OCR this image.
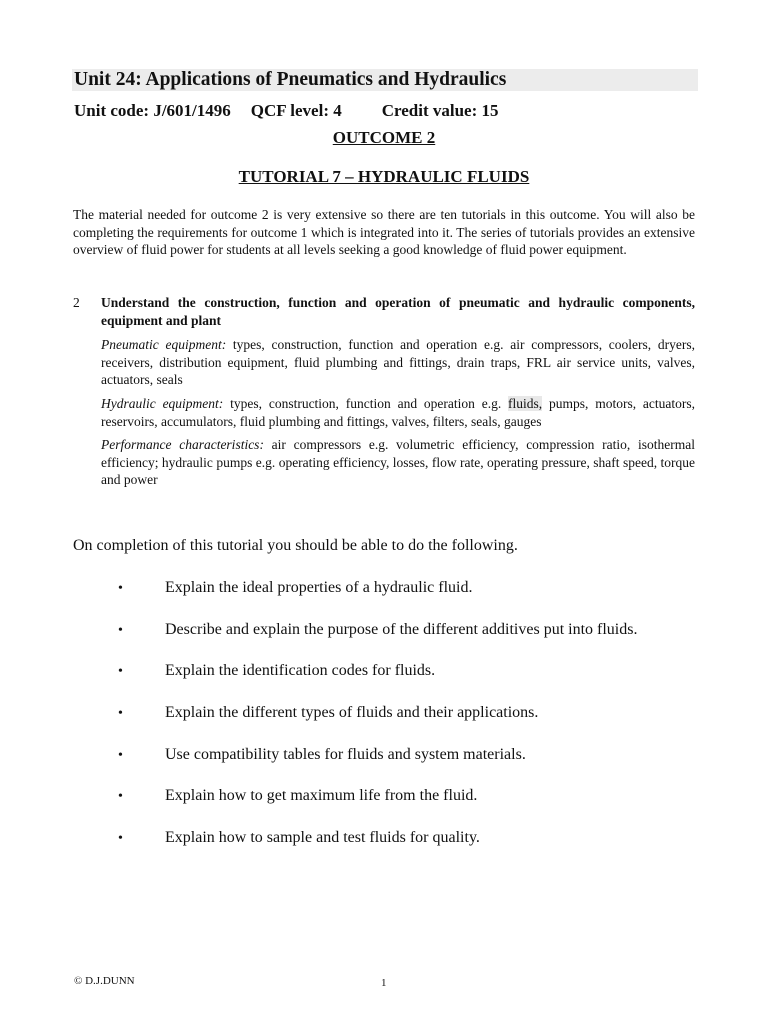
Unit 24: Applications of Pneumatics and Hydraulics
Unit code: J/601/1496 QCF level: 4 Credit value: 15
OUTCOME 2
TUTORIAL 7 – HYDRAULIC FLUIDS
The material needed for outcome 2 is very extensive so there are ten tutorials in this outcome. You will also be completing the requirements for outcome 1 which is integrated into it. The series of tutorials provides an extensive overview of fluid power for students at all levels seeking a good knowledge of fluid power equipment.
2 Understand the construction, function and operation of pneumatic and hydraulic components, equipment and plant

Pneumatic equipment: types, construction, function and operation e.g. air compressors, coolers, dryers, receivers, distribution equipment, fluid plumbing and fittings, drain traps, FRL air service units, valves, actuators, seals

Hydraulic equipment: types, construction, function and operation e.g. fluids, pumps, motors, actuators, reservoirs, accumulators, fluid plumbing and fittings, valves, filters, seals, gauges

Performance characteristics: air compressors e.g. volumetric efficiency, compression ratio, isothermal efficiency; hydraulic pumps e.g. operating efficiency, losses, flow rate, operating pressure, shaft speed, torque and power

On completion of this tutorial you should be able to do the following.
•	Explain the ideal properties of a hydraulic fluid.
•	Describe and explain the purpose of the different additives put into fluids.
•	Explain the identification codes for fluids.
•	Explain the different types of fluids and their applications.
•	Use compatibility tables for fluids and system materials.
•	Explain how to get maximum life from the fluid.
•	Explain how to sample and test fluids for quality.
© D.J.DUNN	1
